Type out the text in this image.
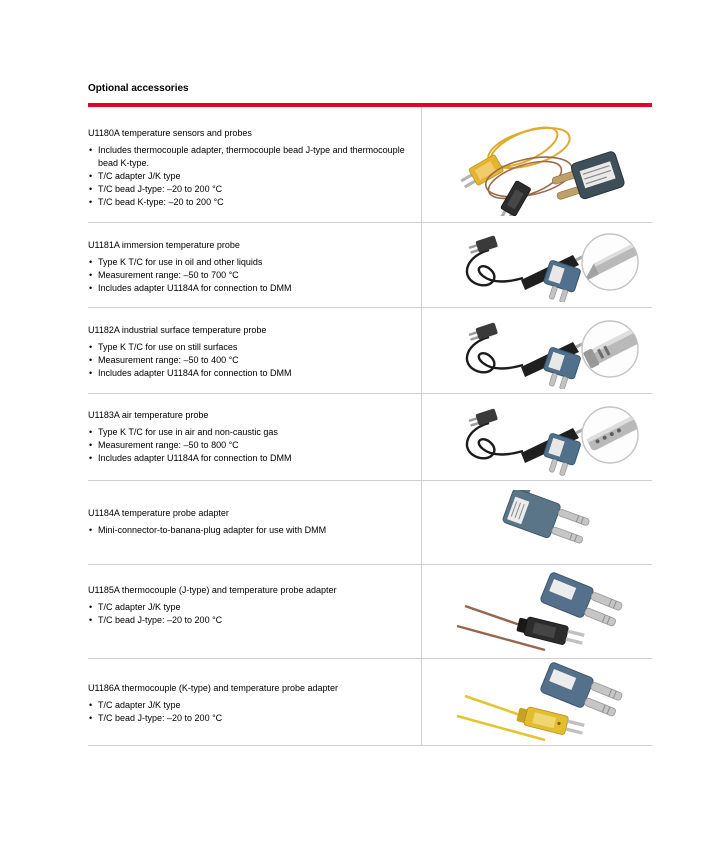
Optional accessories
U1180A temperature sensors and probes
• Includes thermocouple adapter, thermocouple bead J-type and thermocouple bead K-type.
• T/C adapter J/K type
• T/C bead J-type: –20 to 200 °C
• T/C bead K-type: –20 to 200 °C
U1181A immersion temperature probe
• Type K T/C for use in oil and other liquids
• Measurement range: –50 to 700 °C
• Includes adapter U1184A for connection to DMM
U1182A industrial surface temperature probe
• Type K T/C for use on still surfaces
• Measurement range: –50 to 400 °C
• Includes adapter U1184A for connection to DMM
U1183A air temperature probe
• Type K T/C for use in air and non-caustic gas
• Measurement range: –50 to 800 °C
• Includes adapter U1184A for connection to DMM
U1184A temperature probe adapter
• Mini-connector-to-banana-plug adapter for use with DMM
U1185A thermocouple (J-type) and temperature probe adapter
• T/C adapter J/K type
• T/C bead J-type: –20 to 200 °C
U1186A thermocouple (K-type) and temperature probe adapter
• T/C adapter J/K type
• T/C bead J-type: –20 to 200 °C
